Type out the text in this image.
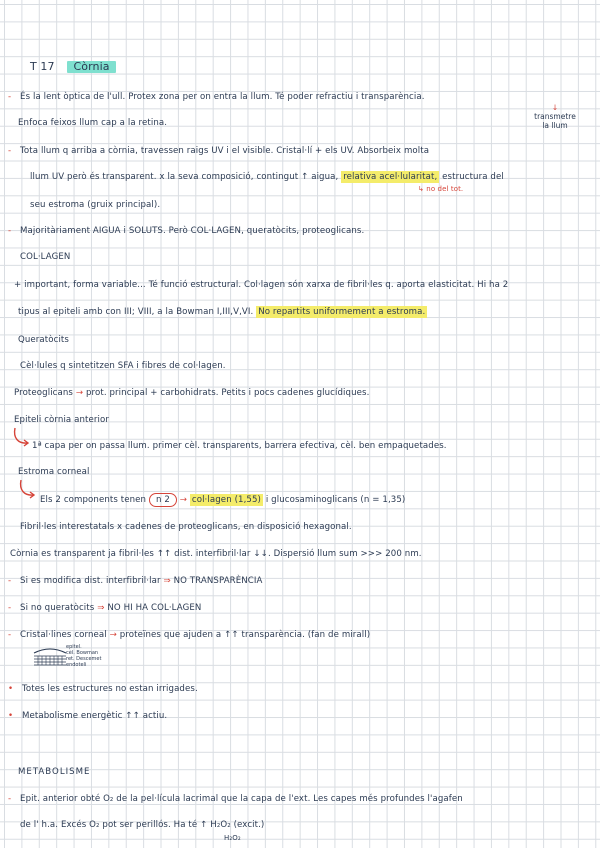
T 17 Còrnia
- És la lent òptica de l'ull. Protex zona per on entra la llum. Té poder refractiu i transparència.
↓
transmetre
la llum
Enfoca feixos llum cap a la retina.
- Tota llum q arriba a còrnia, travessen raigs UV i el visible. Cristal·lí + els UV. Absorbeix molta
llum UV però és transparent. x la seva composició, contingut ↑ aigua, relativa acel·lularitat, estructura del
↳ no del tot.
seu estroma (gruix principal).
- Majoritàriament AIGUA i SOLUTS. Però COL·LAGEN, queratòcits, proteoglicans.
COL·LAGEN
+ important, forma variable... Té funció estructural. Col·lagen són xarxa de fibril·les q. aporta elasticitat. Hi ha 2
tipus al epiteli amb con III; VIII, a la Bowman I,III,V,VI. No repartits uniformement a estroma.
Queratòcits
Cèl·lules q sintetitzen SFA i fibres de col·lagen.
Proteoglicans → prot. principal + carbohidrats. Petits i pocs cadenes glucídiques.
Epiteli còrnia anterior
1ª capa per on passa llum. primer cèl. transparents, barrera efectiva, cèl. ben empaquetades.
Estroma corneal
Els 2 components tenen n 2 → col·lagen (1,55) i glucosaminoglicans (n = 1,35)
Fibril·les interestatals x cadenes de proteoglicans, en disposició hexagonal.
Còrnia es transparent ja fibril·les ↑↑ dist. interfibril·lar ↓↓. Dispersió llum sum >>> 200 nm.
- Si es modifica dist. interfibril·lar ⇒ NO TRANSPARÈNCIA
- Si no queratòcits ⇒ NO HI HA COL·LAGEN
- Cristal·lines corneal → proteïnes que ajuden a ↑↑ transparència. (fan de mirall)
epitel.
cèl. Bowman
ret. Descemet
endoteli
• Totes les estructures no estan irrigades.
• Metabolisme energètic ↑↑ actiu.
METABOLISME
- Epit. anterior obté O₂ de la pel·lícula lacrimal que la capa de l'ext. Les capes més profundes l'agafen
de l' h.a. Excés O₂ pot ser perillós. Ha té ↑ H₂O₂ (excit.)
H₂O₂
